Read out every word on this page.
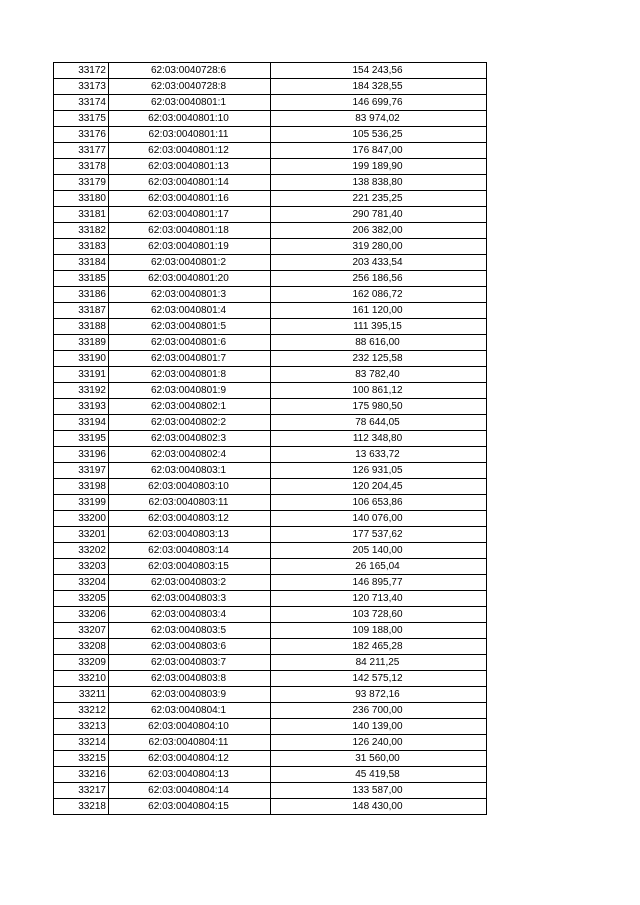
33172	62:03:0040728:6	154 243,56
33173	62:03:0040728:8	184 328,55
33174	62:03:0040801:1	146 699,76
33175	62:03:0040801:10	83 974,02
33176	62:03:0040801:11	105 536,25
33177	62:03:0040801:12	176 847,00
33178	62:03:0040801:13	199 189,90
33179	62:03:0040801:14	138 838,80
33180	62:03:0040801:16	221 235,25
33181	62:03:0040801:17	290 781,40
33182	62:03:0040801:18	206 382,00
33183	62:03:0040801:19	319 280,00
33184	62:03:0040801:2	203 433,54
33185	62:03:0040801:20	256 186,56
33186	62:03:0040801:3	162 086,72
33187	62:03:0040801:4	161 120,00
33188	62:03:0040801:5	111 395,15
33189	62:03:0040801:6	88 616,00
33190	62:03:0040801:7	232 125,58
33191	62:03:0040801:8	83 782,40
33192	62:03:0040801:9	100 861,12
33193	62:03:0040802:1	175 980,50
33194	62:03:0040802:2	78 644,05
33195	62:03:0040802:3	112 348,80
33196	62:03:0040802:4	13 633,72
33197	62:03:0040803:1	126 931,05
33198	62:03:0040803:10	120 204,45
33199	62:03:0040803:11	106 653,86
33200	62:03:0040803:12	140 076,00
33201	62:03:0040803:13	177 537,62
33202	62:03:0040803:14	205 140,00
33203	62:03:0040803:15	26 165,04
33204	62:03:0040803:2	146 895,77
33205	62:03:0040803:3	120 713,40
33206	62:03:0040803:4	103 728,60
33207	62:03:0040803:5	109 188,00
33208	62:03:0040803:6	182 465,28
33209	62:03:0040803:7	84 211,25
33210	62:03:0040803:8	142 575,12
33211	62:03:0040803:9	93 872,16
33212	62:03:0040804:1	236 700,00
33213	62:03:0040804:10	140 139,00
33214	62:03:0040804:11	126 240,00
33215	62:03:0040804:12	31 560,00
33216	62:03:0040804:13	45 419,58
33217	62:03:0040804:14	133 587,00
33218	62:03:0040804:15	148 430,00
